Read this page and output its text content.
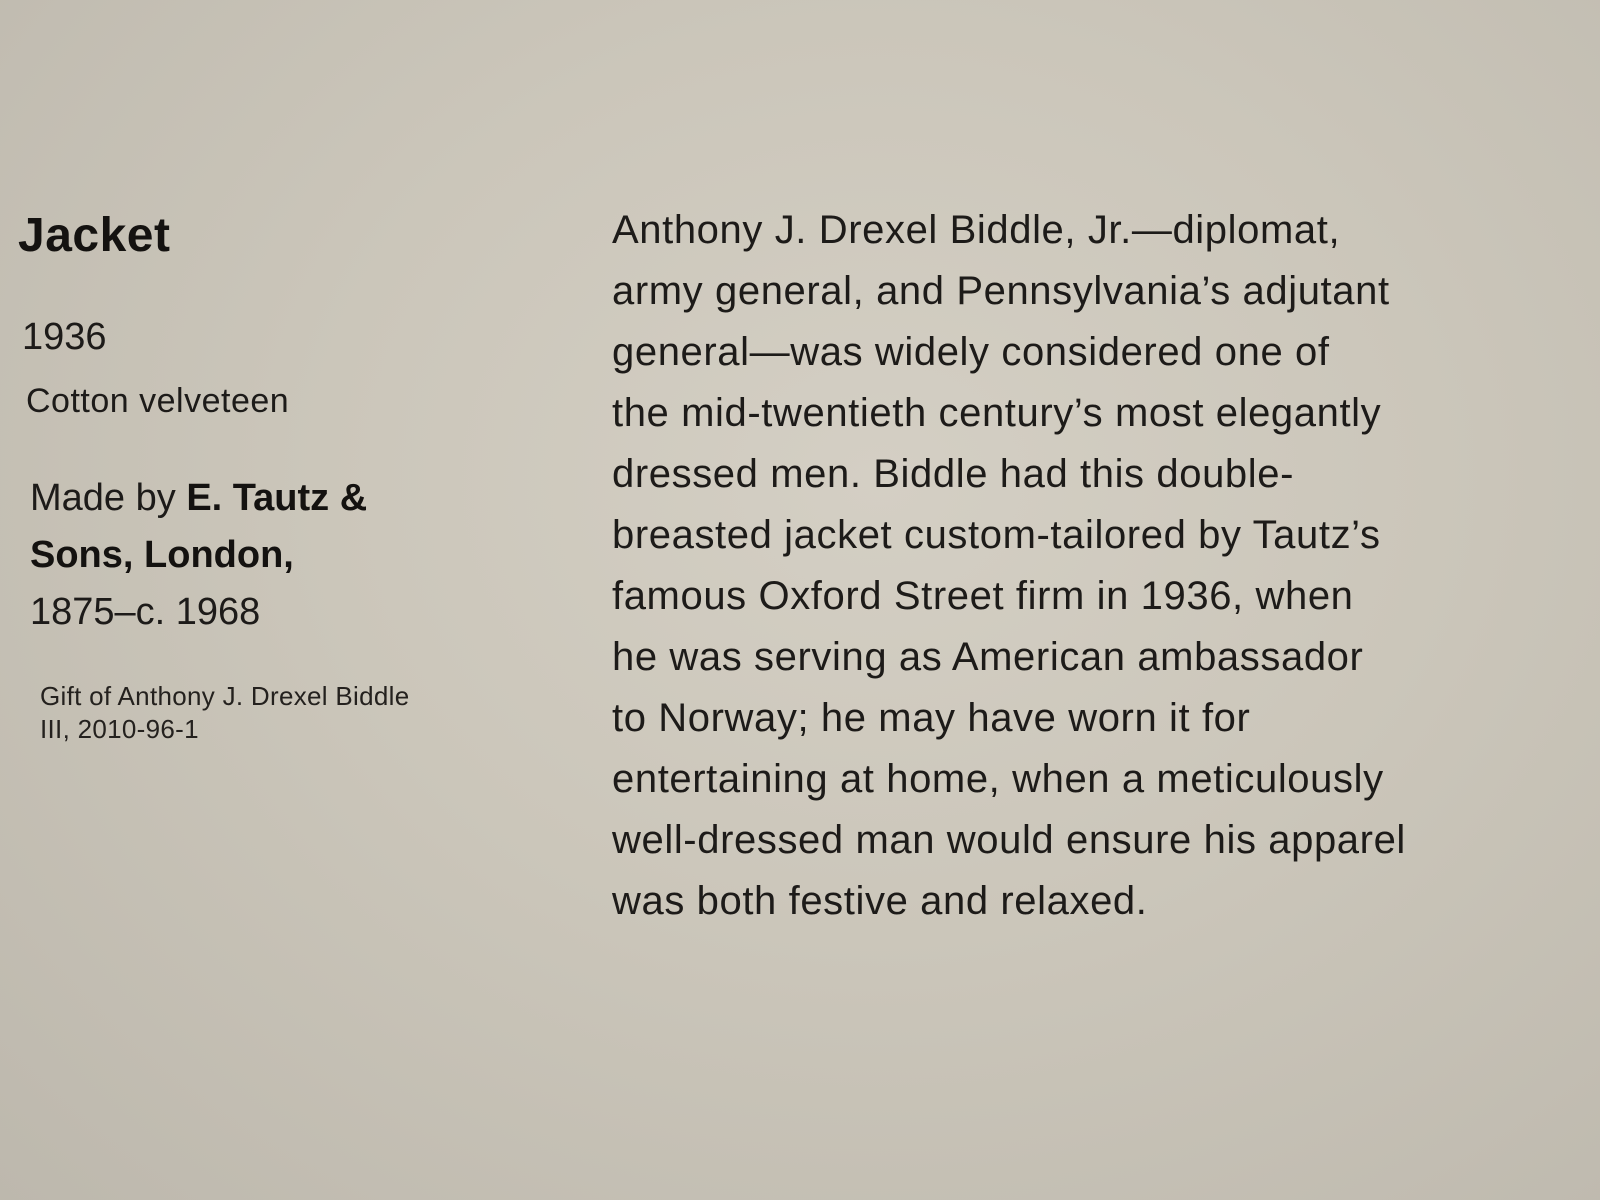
Jacket
1936
Cotton velveteen
Made by E. Tautz &
Sons, London,
1875–c. 1968
Gift of Anthony J. Drexel Biddle
III, 2010-96-1
Anthony J. Drexel Biddle, Jr.—diplomat,
army general, and Pennsylvania’s adjutant
general—was widely considered one of
the mid-twentieth century’s most elegantly
dressed men. Biddle had this double-
breasted jacket custom-tailored by Tautz’s
famous Oxford Street firm in 1936, when
he was serving as American ambassador
to Norway; he may have worn it for
entertaining at home, when a meticulously
well-dressed man would ensure his apparel
was both festive and relaxed.
